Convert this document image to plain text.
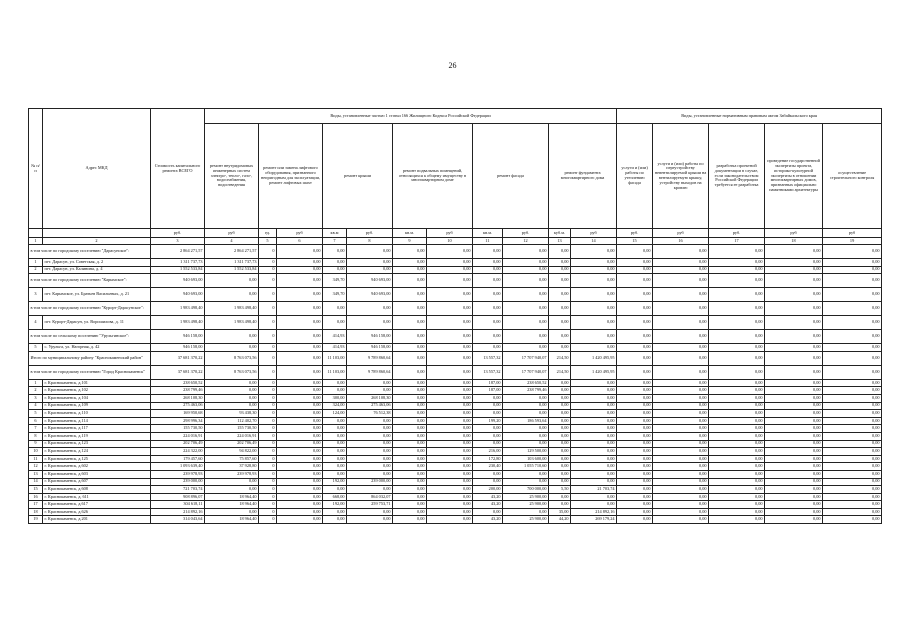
26
№ п/п	Адрес МКД	Стоимость капитального ремонта ВСЕГО	Виды, установленные частью 1 статьи 166 Жилищного Кодекса Российской Федерации											Виды, установленные нормативным правовым актом Забайкальского края				
			ремонт внутридомовых инженерных систем электро-, тепло-, газо-, водоснабжения, водоотведения	ремонт или замена лифтового оборудования, признанного непригодным для эксплуатации, ремонт лифтовых шахт		ремонт крыши		ремонт подвальных помещений, относящихся к общему имуществу в многоквартирном доме		ремонт фасада		ремонт фундамента многоквартирного дома		услуги и (или) работы по утеплению фасада	услуги и (или) работы по переустройству невентилируемой крыши на вентилируемую крышу, устройству выходов на кровлю	разработка проектной документации в случае, если законодательством Российской Федерации требуется ее разработка	проведение государственной экспертизы проекта, историко-культурной экспертизы в отношении многоквартирных домов, признанных официально памятниками архитектуры	осуществление строительного контроля
		руб.	руб	ед.	руб	кв.м	руб.	кв.м.	руб	кв.м.	руб.	куб.м.	руб	руб.	руб	руб.	руб	руб
1	2	3	4	5	6	7	8	9	10	11	12	13	14	15	16	17	18	19
в том числе по городскому поселению "Дарасунское":		2 864 271,57	2 864 271,57	0	0,00	0,00	0,00	0,00	0,00	0,00	0,00	0,00	0,00	0,00	0,00	0,00	0,00	0,00
1	пгт. Дарасун, ул. Советская, д. 2	1 311 737,73	1 311 737,73	0	0,00	0,00	0,00	0,00	0,00	0,00	0,00	0,00	0,00	0,00	0,00	0,00	0,00	0,00
2	пгт. Дарасун, ул. Калинина, д. 4	1 552 533,84	1 552 533,84	0	0,00	0,00	0,00	0,00	0,00	0,00	0,00	0,00	0,00	0,00	0,00	0,00	0,00	0,00
в том числе по городскому поселению "Карымское":		940 693,00	0,00	0	0,00	349,70	940 693,00	0,00	0,00	0,00	0,00	0,00	0,00	0,00	0,00	0,00	0,00	0,00
3	пгт. Карымское, ул. Братьев Васильевых, д. 21	940 693,00	0,00	0	0,00	349,70	940 693,00	0,00	0,00	0,00	0,00	0,00	0,00	0,00	0,00	0,00	0,00	0,00
в том числе по городскому поселению "Курорт-Дарасунское":		1 983 498,40	1 983 498,40	0	0,00	0,00	0,00	0,00	0,00	0,00	0,00	0,00	0,00	0,00	0,00	0,00	0,00	0,00
4	пгт. Курорт-Дарасун, ул. Ворошилова, д. 11	1 983 498,40	1 983 498,40	0	0,00	0,00	0,00	0,00	0,00	0,00	0,00	0,00	0,00	0,00	0,00	0,00	0,00	0,00
в том числе по сельскому поселению "Урульгинское":		946 158,00	0,00	0	0,00	414,93	946 158,00	0,00	0,00	0,00	0,00	0,00	0,00	0,00	0,00	0,00	0,00	0,00
5	с. Урульга, ул. Нагорная, д. 42	946 158,00	0,00	0	0,00	414,93	946 158,00	0,00	0,00	0,00	0,00	0,00	0,00	0,00	0,00	0,00	0,00	0,00
Итого по муниципальному району "Краснокаменский район"		37 681 370,22	8 763 073,56	0	0,00	11 103,00	9 789 860,64	0,00	0,00	13 557,32	17 707 940,07	214,50	1 420 495,95	0,00	0,00	0,00	0,00	0,00
в том числе по городскому поселению "Город Краснокаменск"		37 681 370,22	8 763 073,56	0	0,00	11 103,00	9 789 860,64	0,00	0,00	13 557,32	17 707 940,07	214,50	1 420 495,95	0,00	0,00	0,00	0,00	0,00
1	г. Краснокаменск, д.101	238 650,52	0,00	0	0,00	0,00	0,00	0,00	0,00	187,00	238 650,52	0,00	0,00	0,00	0,00	0,00	0,00	0,00
2	г. Краснокаменск, д.102	238 799,46	0,00	0	0,00	0,00	0,00	0,00	0,00	187,00	238 799,46	0,00	0,00	0,00	0,00	0,00	0,00	0,00
3	г. Краснокаменск, д.104	268 108,30	0,00	0	0,00	300,00	268 108,30	0,00	0,00	0,00	0,00	0,00	0,00	0,00	0,00	0,00	0,00	0,00
4	г. Краснокаменск, д.109	275 463,06	0,00	0	0,00	324,00	275 463,06	0,00	0,00	0,00	0,00	0,00	0,00	0,00	0,00	0,00	0,00	0,00
5	г. Краснокаменск, д.110	169 950,68	93 438,30	0	0,00	124,00	76 512,38	0,00	0,00	0,00	0,00	0,00	0,00	0,00	0,00	0,00	0,00	0,00
6	г. Краснокаменск, д.114	298 996,34	112 402,70	0	0,00	0,00	0,00	0,00	0,00	199,20	186 593,64	0,00	0,00	0,00	0,00	0,00	0,00	0,00
7	г. Краснокаменск, д.117	155 730,50	155 730,50	0	0,00	0,00	0,00	0,00	0,00	0,00	0,00	0,00	0,00	0,00	0,00	0,00	0,00	0,00
8	г. Краснокаменск, д.119	224 016,91	224 016,91	0	0,00	0,00	0,00	0,00	0,00	0,00	0,00	0,00	0,00	0,00	0,00	0,00	0,00	0,00
9	г. Краснокаменск, д.123	202 706,49	202 706,49	0	0,00	0,00	0,00	0,00	0,00	0,00	0,00	0,00	0,00	0,00	0,00	0,00	0,00	0,00
10	г. Краснокаменск, д.124	224 322,00	94 822,00	0	0,00	0,00	0,00	0,00	0,00	216,00	129 500,00	0,00	0,00	0,00	0,00	0,00	0,00	0,00
11	г. Краснокаменск, д.125	179 457,60	75 857,60	0	0,00	0,00	0,00	0,00	0,00	172,80	103 600,00	0,00	0,00	0,00	0,00	0,00	0,00	0,00
12	г. Краснокаменск, д.602	1 093 639,40	37 928,80	0	0,00	0,00	0,00	0,00	0,00	230,40	1 055 710,60	0,00	0,00	0,00	0,00	0,00	0,00	0,00
13	г. Краснокаменск, д.603	239 978,93	239 978,93	0	0,00	0,00	0,00	0,00	0,00	0,00	0,00	0,00	0,00	0,00	0,00	0,00	0,00	0,00
14	г. Краснокаменск, д.607	239 000,00	0,00	0	0,00	192,00	239 000,00	0,00	0,00	0,00	0,00	0,00	0,00	0,00	0,00	0,00	0,00	0,00
15	г. Краснокаменск, д.608	721 703,74	0,00	0	0,00	0,00	0,00	0,00	0,00	200,00	700 000,00	5,50	21 703,74	0,00	0,00	0,00	0,00	0,00
16	г. Краснокаменск, д. 611	908 896,07	18 964,40	0	0,00	668,00	864 032,07	0,00	0,00	43,20	25 900,00	0,00	0,00	0,00	0,00	0,00	0,00	0,00
17	г. Краснокаменск, д.617	304 618,11	18 964,40	0	0,00	192,00	259 753,71	0,00	0,00	43,20	25 900,00	0,00	0,00	0,00	0,00	0,00	0,00	0,00
18	г. Краснокаменск, д.626	214 892,16	0,00	0	0,00	0,00	0,00	0,00	0,00	0,00	0,00	35,00	214 892,16	0,00	0,00	0,00	0,00	0,00
19	г. Краснокаменск, д.201	314 043,64	18 964,40	0	0,00	0,00	0,00	0,00	0,00	43,20	25 900,00	44,20	269 179,24	0,00	0,00	0,00	0,00	0,00
